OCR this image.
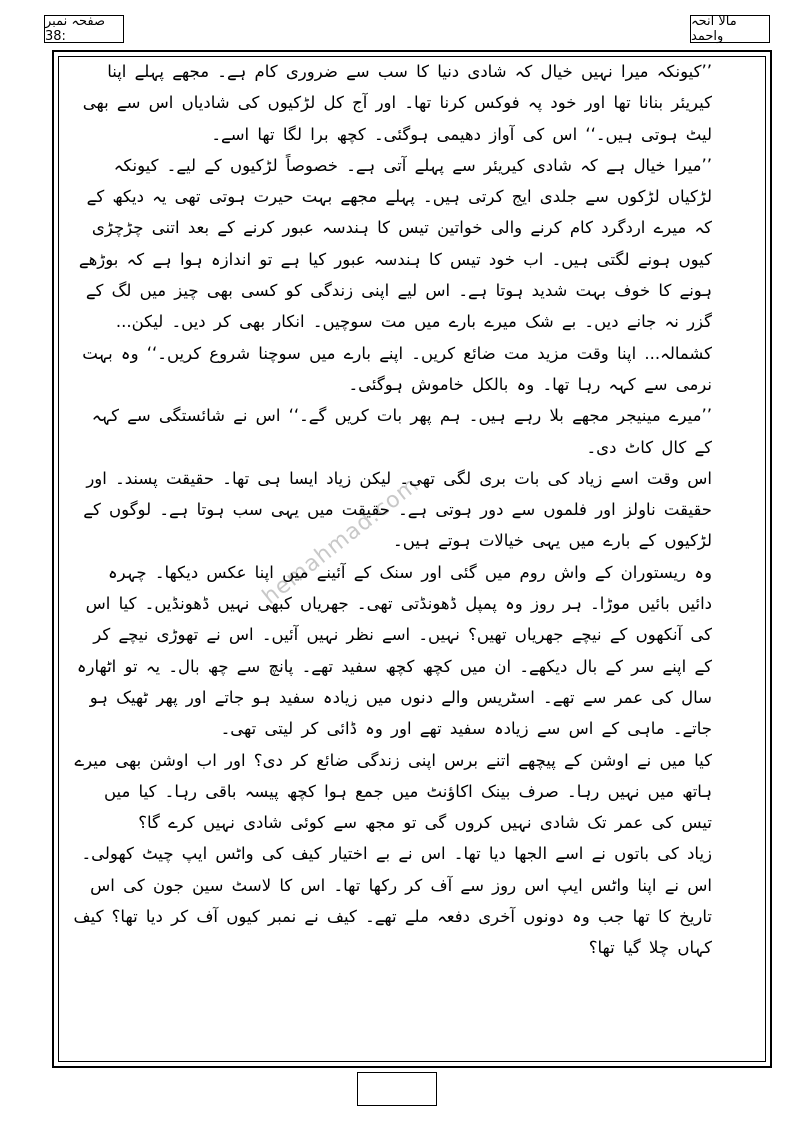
صفحہ نمبر :38
مالا انحہ واحمد
hemahmad.com

’’کیونکہ میرا نہیں خیال کہ شادی دنیا کا سب سے ضروری کام ہے۔ مجھے پہلے اپنا کیریئر بنانا تھا اور خود پہ فوکس کرنا تھا۔ اور آج کل لڑکیوں کی شادیاں اس سے بھی لیٹ ہوتی ہیں۔‘‘ اس کی آواز دھیمی ہوگئی۔ کچھ برا لگا تھا اسے۔

’’میرا خیال ہے کہ شادی کیریئر سے پہلے آتی ہے۔ خصوصاً لڑکیوں کے لیے۔ کیونکہ لڑکیاں لڑکوں سے جلدی ایج کرتی ہیں۔ پہلے مجھے بہت حیرت ہوتی تھی یہ دیکھ کے کہ میرے اردگرد کام کرنے والی خواتین تیس کا ہندسہ عبور کرنے کے بعد اتنی چڑچڑی کیوں ہونے لگتی ہیں۔ اب خود تیس کا ہندسہ عبور کیا ہے تو اندازہ ہوا ہے کہ بوڑھے ہونے کا خوف بہت شدید ہوتا ہے۔ اس لیے اپنی زندگی کو کسی بھی چیز میں لگ کے گزر نہ جانے دیں۔ بے شک میرے بارے میں مت سوچیں۔ انکار بھی کر دیں۔ لیکن... کشمالہ... اپنا وقت مزید مت ضائع کریں۔ اپنے بارے میں سوچنا شروع کریں۔‘‘ وہ بہت نرمی سے کہہ رہا تھا۔ وہ بالکل خاموش ہوگئی۔

’’میرے مینیجر مجھے بلا رہے ہیں۔ ہم پھر بات کریں گے۔‘‘ اس نے شائستگی سے کہہ کے کال کاٹ دی۔

اس وقت اسے زیاد کی بات بری لگی تھی۔ لیکن زیاد ایسا ہی تھا۔ حقیقت پسند۔ اور حقیقت ناولز اور فلموں سے دور ہوتی ہے۔ حقیقت میں یہی سب ہوتا ہے۔ لوگوں کے لڑکیوں کے بارے میں یہی خیالات ہوتے ہیں۔

وہ ریستوران کے واش روم میں گئی اور سنک کے آئینے میں اپنا عکس دیکھا۔ چہرہ دائیں بائیں موڑا۔ ہر روز وہ پمپل ڈھونڈتی تھی۔ جھریاں کبھی نہیں ڈھونڈیں۔ کیا اس کی آنکھوں کے نیچے جھریاں تھیں؟ نہیں۔ اسے نظر نہیں آئیں۔ اس نے تھوڑی نیچے کر کے اپنے سر کے بال دیکھے۔ ان میں کچھ کچھ سفید تھے۔ پانچ سے چھ بال۔ یہ تو اٹھارہ سال کی عمر سے تھے۔ اسٹریس والے دنوں میں زیادہ سفید ہو جاتے اور پھر ٹھیک ہو جاتے۔ ماہی کے اس سے زیادہ سفید تھے اور وہ ڈائی کر لیتی تھی۔

کیا میں نے اوشن کے پیچھے اتنے برس اپنی زندگی ضائع کر دی؟ اور اب اوشن بھی میرے ہاتھ میں نہیں رہا۔ صرف بینک اکاؤنٹ میں جمع ہوا کچھ پیسہ باقی رہا۔ کیا میں تیس کی عمر تک شادی نہیں کروں گی تو مجھ سے کوئی شادی نہیں کرے گا؟

زیاد کی باتوں نے اسے الجھا دیا تھا۔ اس نے بے اختیار کیف کی واٹس ایپ چیٹ کھولی۔ اس نے اپنا واٹس ایپ اس روز سے آف کر رکھا تھا۔ اس کا لاسٹ سین جون کی اس تاریخ کا تھا جب وہ دونوں آخری دفعہ ملے تھے۔ کیف نے نمبر کیوں آف کر دیا تھا؟ کیف کہاں چلا گیا تھا؟
